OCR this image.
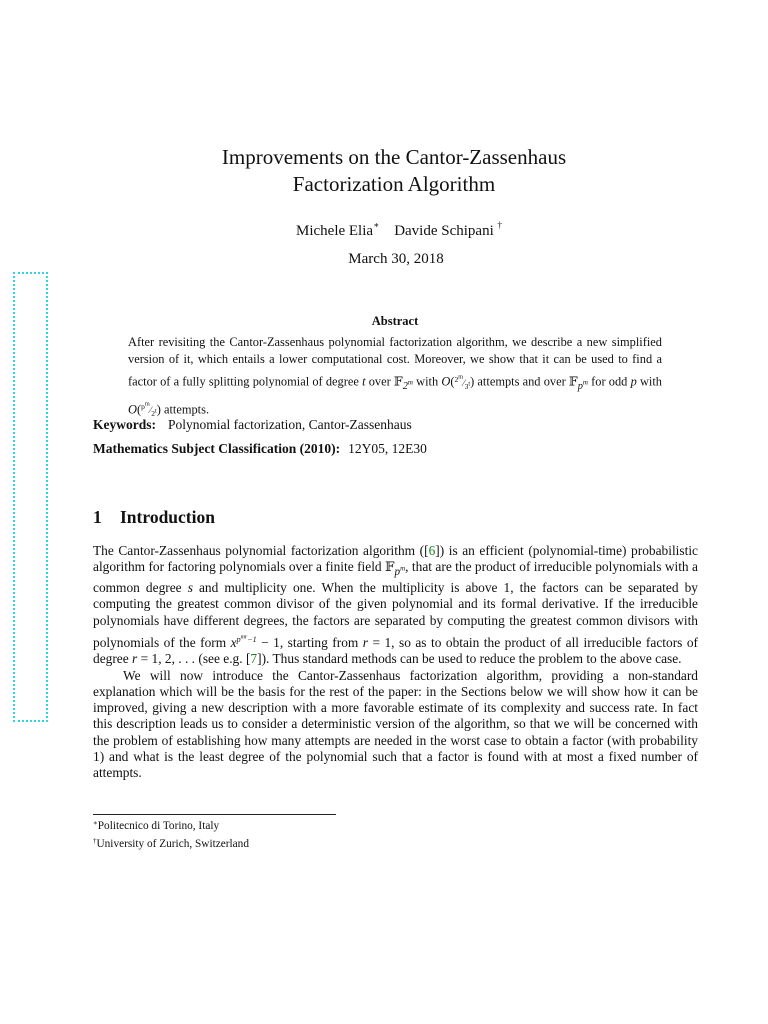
Improvements on the Cantor-Zassenhaus
Factorization Algorithm
Michele Elia∗ Davide Schipani †
March 30, 2018
Abstract
After revisiting the Cantor-Zassenhaus polynomial factorization algorithm, we describe a new simplified version of it, which entails a lower computational cost. Moreover, we show that it can be used to find a factor of a fully splitting polynomial of degree t over 𝔽$_{2^m}$ with $O(^{2^m}⁄_{3^t})$ attempts and over 𝔽$_{p^m}$ for odd p with $O(^{p^m}⁄_{2^t})$ attempts.
Keywords: Polynomial factorization, Cantor-Zassenhaus
Mathematics Subject Classification (2010): 12Y05, 12E30
1 Introduction

The Cantor-Zassenhaus polynomial factorization algorithm ([6]) is an efficient (polynomial-time) probabilistic algorithm for factoring polynomials over a finite field 𝔽$_{p^m}$, that are the product of irreducible polynomials with a common degree s and multiplicity one. When the multiplicity is above 1, the factors can be separated by computing the greatest common divisor of the given polynomial and its formal derivative. If the irreducible polynomials have different degrees, the factors are separated by computing the greatest common divisors with polynomials of the form $x^{p^{mr}-1} - 1$, starting from r = 1, so as to obtain the product of all irreducible factors of degree r = 1, 2, . . . (see e.g. [7]). Thus standard methods can be used to reduce the problem to the above case.

We will now introduce the Cantor-Zassenhaus factorization algorithm, providing a non-standard explanation which will be the basis for the rest of the paper: in the Sections below we will show how it can be improved, giving a new description with a more favorable estimate of its complexity and success rate. In fact this description leads us to consider a deterministic version of the algorithm, so that we will be concerned with the problem of establishing how many attempts are needed in the worst case to obtain a factor (with probability 1) and what is the least degree of the polynomial such that a factor is found with at most a fixed number of attempts.

∗Politecnico di Torino, Italy
†University of Zurich, Switzerland
